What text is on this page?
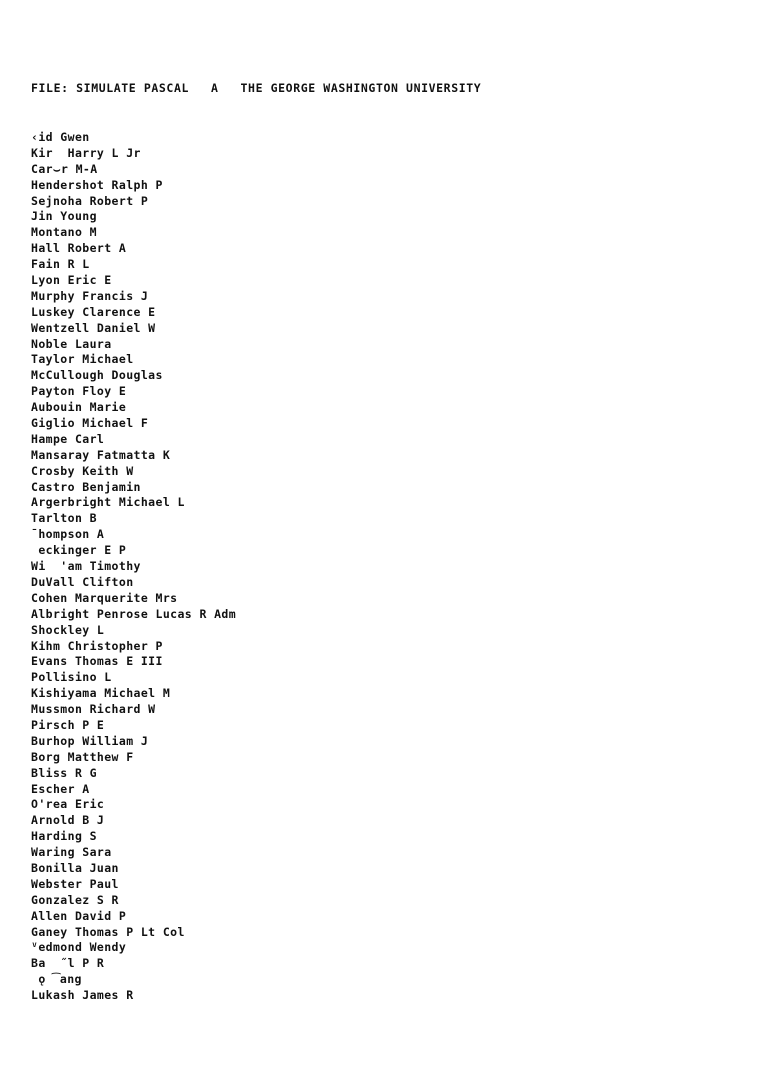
FILE: SIMULATE PASCAL A THE GEORGE WASHINGTON UNIVERSITY
‹id Gwen
Kir  Harry L Jr
Car⌣r M-A
Hendershot Ralph P
Sejnoha Robert P
Jin Young
Montano M
Hall Robert A
Fain R L
Lyon Eric E
Murphy Francis J
Luskey Clarence E
Wentzell Daniel W
Noble Laura
Taylor Michael
McCullough Douglas
Payton Floy E
Aubouin Marie
Giglio Michael F
Hampe Carl
Mansaray Fatmatta K
Crosby Keith W
Castro Benjamin
Argerbright Michael L
Tarlton B
ˉhompson A
eckinger E P
Wi  'am Timothy
DuVall Clifton
Cohen Marquerite Mrs
Albright Penrose Lucas R Adm
Shockley L
Kihm Christopher P
Evans Thomas E III
Pollisino L
Kishiyama Michael M
Mussmon Richard W
Pirsch P E
Burhop William J
Borg Matthew F
Bliss R G
Escher A
O'rea Eric
Arnold B J
Harding S
Waring Sara
Bonilla Juan
Webster Paul
Gonzalez S R
Allen David P
Ganey Thomas P Lt Col
ⱽedmond Wendy
Ba  ˝l P R
ǫ ͡ang
Lukash James R
